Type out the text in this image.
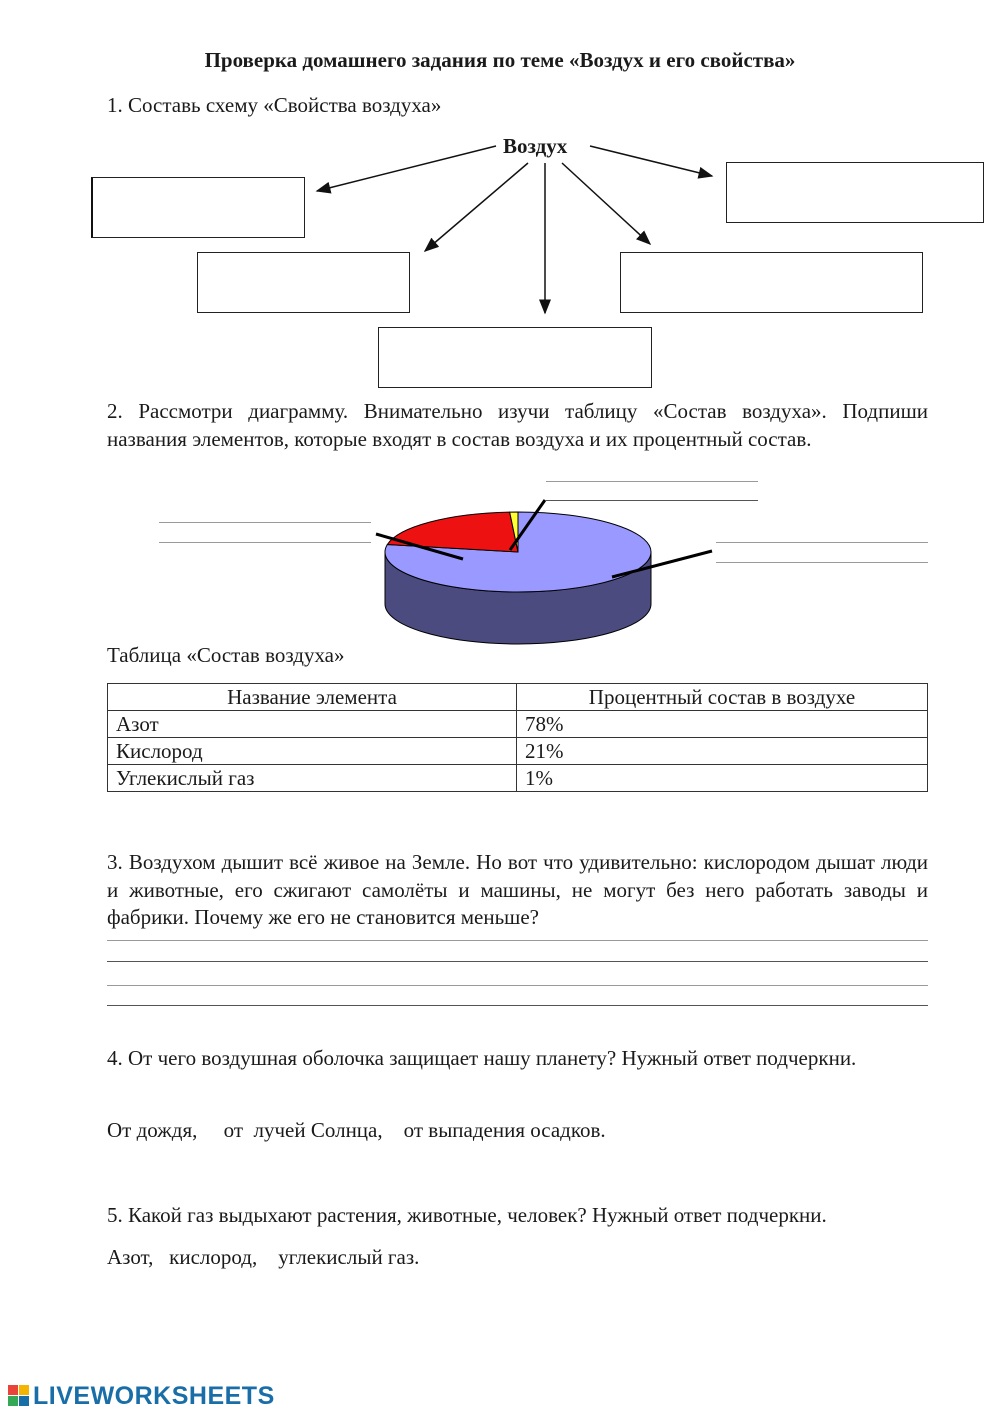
Проверка домашнего задания по теме «Воздух и его свойства»
1. Составь схему «Свойства воздуха»
Воздух
2. Рассмотри диаграмму. Внимательно изучи таблицу «Состав воздуха». Подпиши названия элементов, которые входят в состав воздуха и их процентный состав.
Таблица «Состав воздуха»
Название элемента	Процентный состав в воздухе
Азот	78%
Кислород	21%
Углекислый газ	1%
3. Воздухом дышит всё живое на Земле. Но вот что удивительно: кислородом дышат люди и животные, его сжигают самолёты и машины, не могут без него работать заводы и фабрики. Почему же его не становится меньше?
4. От чего воздушная оболочка защищает нашу планету? Нужный ответ подчеркни.
От дождя, от  лучей Солнца, от выпадения осадков.
5. Какой газ выдыхают растения, животные, человек? Нужный ответ подчеркни.
Азот, кислород, углекислый газ.
LIVEWORKSHEETS
